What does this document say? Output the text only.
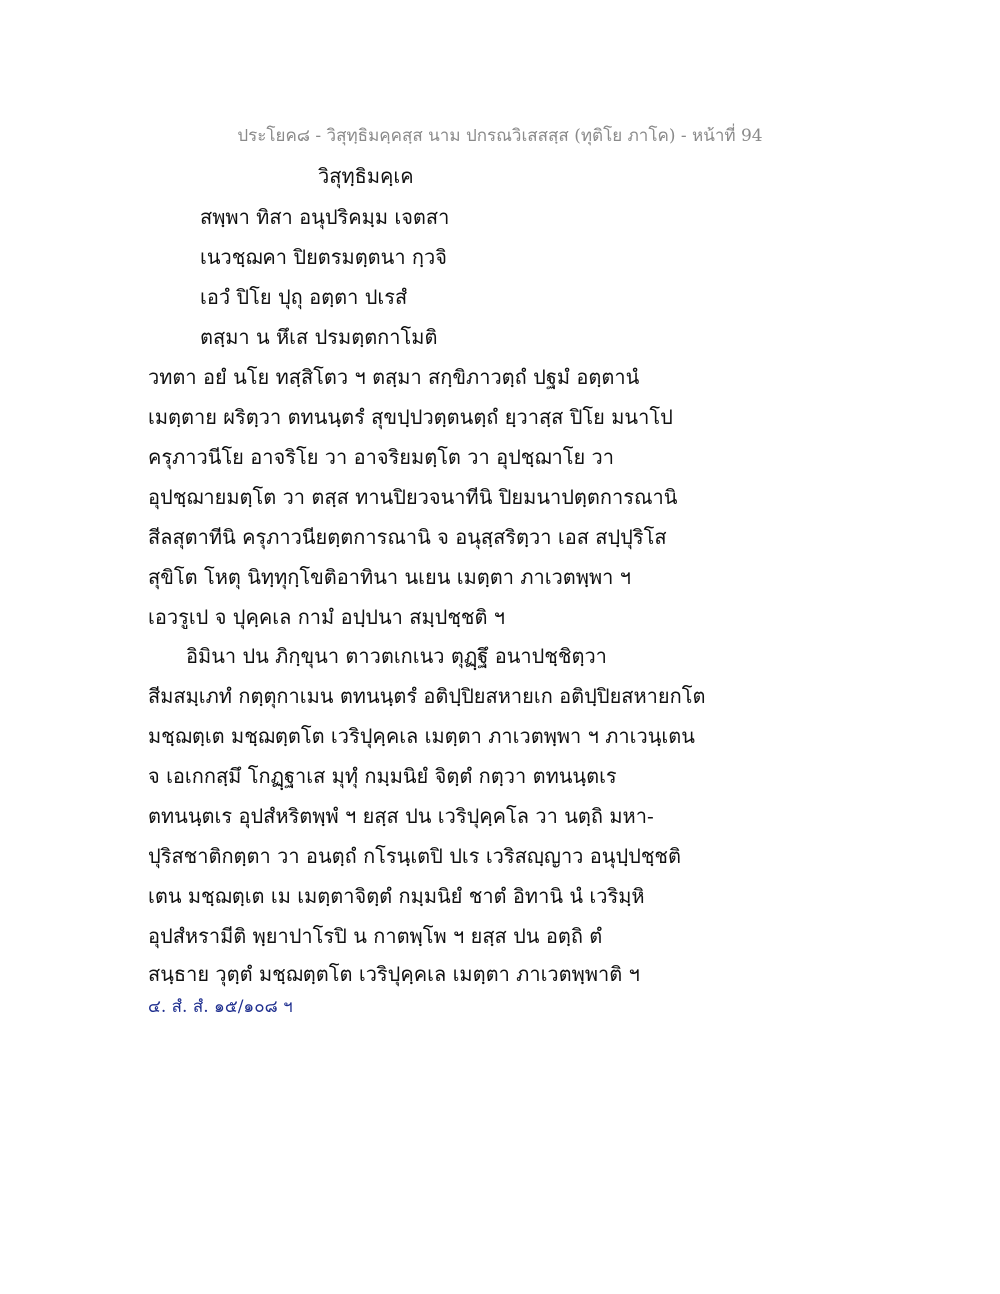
ประโยค๘ - วิสุทฺธิมคฺคสฺส นาม ปกรณวิเสสสฺส (ทุติโย ภาโค) - หน้าที่ 94
วิสุทฺธิมคฺเค
สพฺพา ทิสา อนุปริคมฺม เจตสา
เนวชฺฌคา ปิยตรมตฺตนา กฺวจิ
เอวํ ปิโย ปุถุ อตฺตา ปเรสํ
ตสฺมา น หึเส ปรมตฺตกาโมติ
วทตา อยํ นโย ทสฺสิโตว ฯ ตสฺมา สกฺขิภาวตฺถํ ปฐมํ อตฺตานํ
เมตฺตาย ผริตฺวา ตทนนฺตรํ สุขปฺปวตฺตนตฺถํ ยฺวาสฺส ปิโย มนาโป
ครุภาวนีโย อาจริโย วา อาจริยมตฺโต วา อุปชฺฌาโย วา
อุปชฺฌายมตฺโต วา ตสฺส ทานปิยวจนาทีนิ ปิยมนาปตฺตการณานิ
สีลสุตาทีนิ ครุภาวนียตฺตการณานิ จ อนุสฺสริตฺวา เอส สปฺปุริโส
สุขิโต โหตุ นิทฺทุกฺโขติอาทินา นเยน เมตฺตา ภาเวตพฺพา ฯ
เอวรูเป จ ปุคฺคเล กามํ อปฺปนา สมฺปชฺชติ ฯ
อิมินา ปน ภิกฺขุนา ตาวตเกเนว ตุฏฺฐึ อนาปชฺชิตฺวา
สีมสมฺเภทํ กตฺตุกาเมน ตทนนฺตรํ อติปฺปิยสหายเก อติปฺปิยสหายกโต
มชฺฌตฺเต มชฺฌตฺตโต เวริปุคฺคเล เมตฺตา ภาเวตพฺพา ฯ ภาเวนฺเตน
จ เอเกกสฺมึ โกฏฺฐาเส มุทุํ กมฺมนิยํ จิตฺตํ กตฺวา ตทนนฺตเร
ตทนนฺตเร อุปสํหริตพฺพํ ฯ ยสฺส ปน เวริปุคฺคโล วา นตฺถิ มหา-
ปุริสชาติกตฺตา วา อนตฺถํ กโรนฺเตปิ ปเร เวริสญฺญาว อนุปฺปชฺชติ
เตน มชฺฌตฺเต เม เมตฺตาจิตฺตํ กมฺมนิยํ ชาตํ อิทานิ นํ เวริมฺหิ
อุปสํหรามีติ พฺยาปาโรปิ น กาตพฺโพ ฯ ยสฺส ปน อตฺถิ ตํ
สนฺธาย วุตฺตํ มชฺฌตฺตโต เวริปุคฺคเล เมตฺตา ภาเวตพฺพาติ ฯ
๔. สํ. สํ. ๑๕/๑๐๘ ฯ
